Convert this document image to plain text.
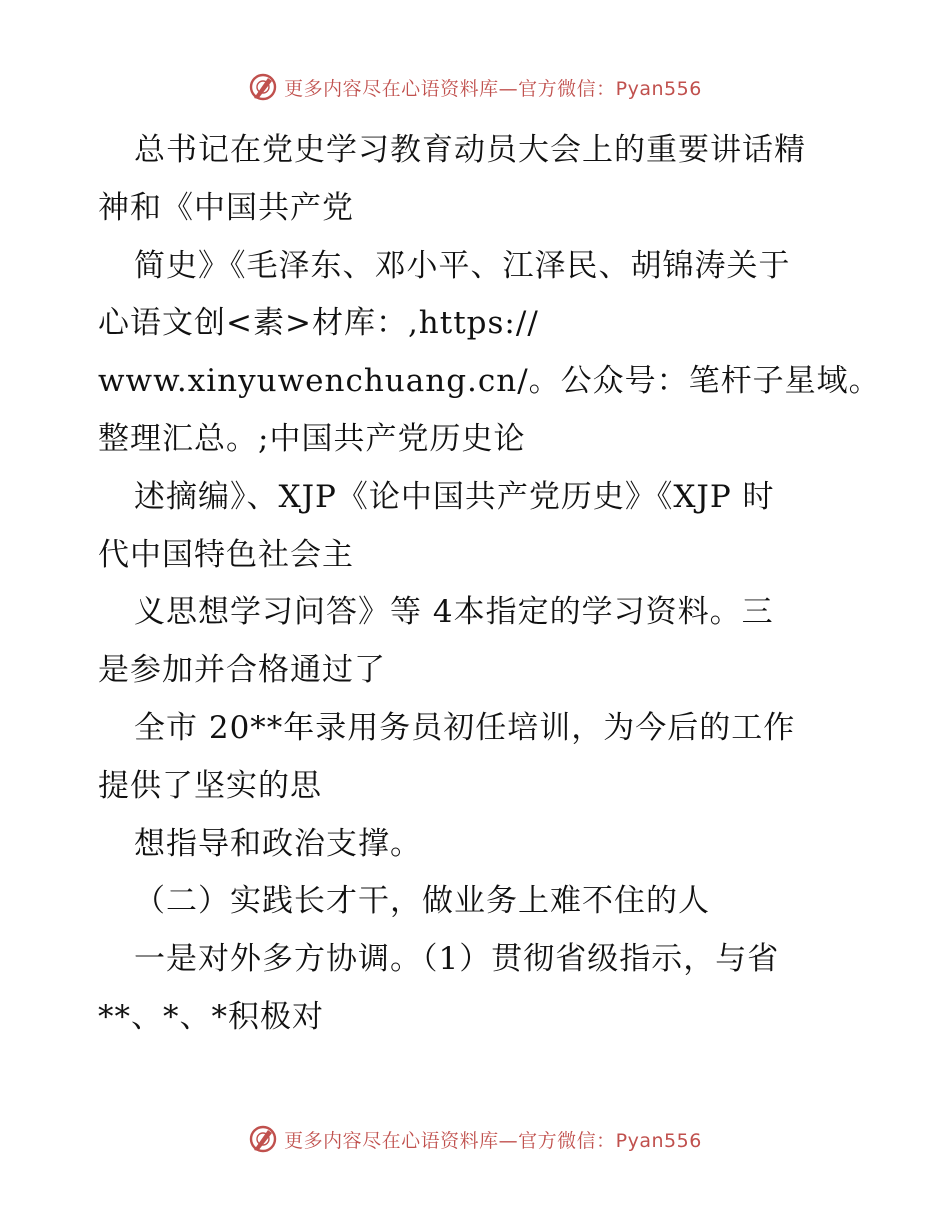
更多内容尽在心语资料库—官方微信：Pyan556
总书记在党史学习教育动员大会上的重要讲话精
神和《中国共产党
简史》《毛泽东、邓小平、江泽民、胡锦涛关于
心语文创<素>材库：,https://
www.xinyuwenchuang.cn/。公众号：笔杆子星域。
整理汇总。;中国共产党历史论
述摘编》、XJP《论中国共产党历史》《XJP 时
代中国特色社会主
义思想学习问答》等 4本指定的学习资料。三
是参加并合格通过了
全市 20**年录用务员初任培训，为今后的工作
提供了坚实的思
想指导和政治支撑。
（二）实践长才干，做业务上难不住的人
一是对外多方协调。（1）贯彻省级指示，与省
**、*、*积极对
更多内容尽在心语资料库—官方微信：Pyan556
